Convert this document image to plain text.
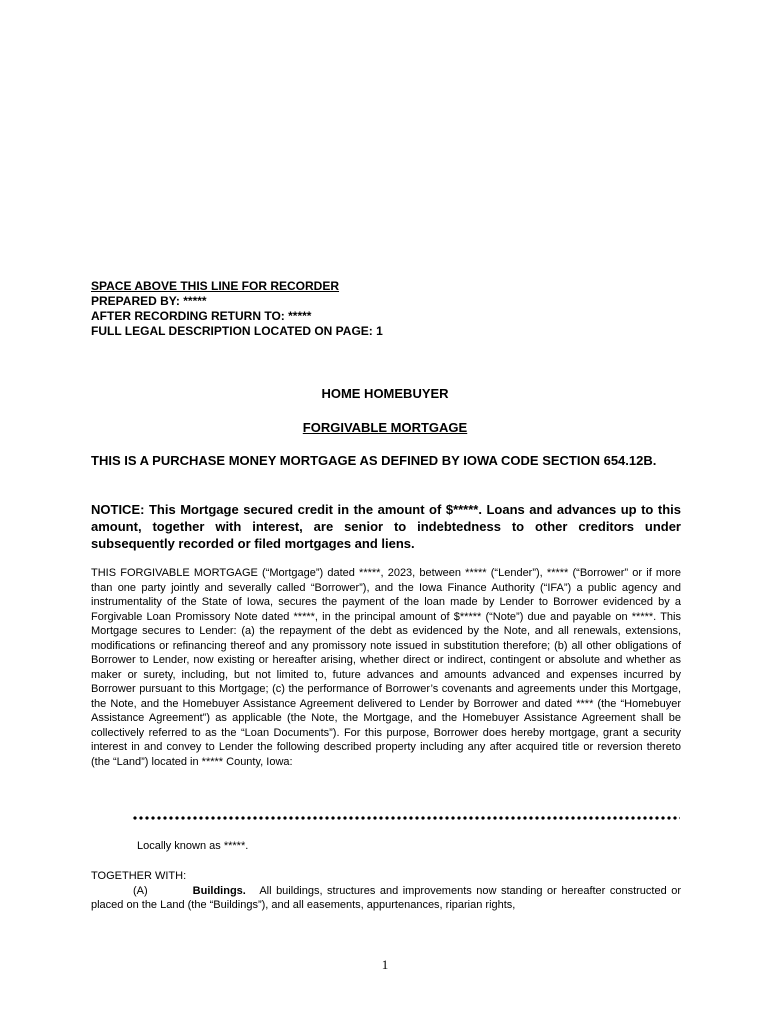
SPACE ABOVE THIS LINE FOR RECORDER
PREPARED BY: *****
AFTER RECORDING RETURN TO: *****
FULL LEGAL DESCRIPTION LOCATED ON PAGE: 1
HOME HOMEBUYER
FORGIVABLE MORTGAGE
THIS IS A PURCHASE MONEY MORTGAGE AS DEFINED BY IOWA CODE SECTION 654.12B.
NOTICE: This Mortgage secured credit in the amount of $*****. Loans and advances up to this amount, together with interest, are senior to indebtedness to other creditors under subsequently recorded or filed mortgages and liens.
THIS FORGIVABLE MORTGAGE (“Mortgage”) dated *****, 2023, between ***** (“Lender”), ***** (“Borrower” or if more than one party jointly and severally called “Borrower”), and the Iowa Finance Authority (“IFA”) a public agency and instrumentality of the State of Iowa, secures the payment of the loan made by Lender to Borrower evidenced by a Forgivable Loan Promissory Note dated *****, in the principal amount of $***** (“Note”) due and payable on *****. This Mortgage secures to Lender: (a) the repayment of the debt as evidenced by the Note, and all renewals, extensions, modifications or refinancing thereof and any promissory note issued in substitution therefore; (b) all other obligations of Borrower to Lender, now existing or hereafter arising, whether direct or indirect, contingent or absolute and whether as maker or surety, including, but not limited to, future advances and amounts advanced and expenses incurred by Borrower pursuant to this Mortgage; (c) the performance of Borrower’s covenants and agreements under this Mortgage, the Note, and the Homebuyer Assistance Agreement delivered to Lender by Borrower and dated **** (the “Homebuyer Assistance Agreement”) as applicable (the Note, the Mortgage, and the Homebuyer Assistance Agreement shall be collectively referred to as the “Loan Documents”). For this purpose, Borrower does hereby mortgage, grant a security interest in and convey to Lender the following described property including any after acquired title or reversion thereto (the “Land”) located in ***** County, Iowa:
Locally known as *****.
TOGETHER WITH:
(A)	Buildings. All buildings, structures and improvements now standing or hereafter constructed or placed on the Land (the “Buildings”), and all easements, appurtenances, riparian rights,
1
